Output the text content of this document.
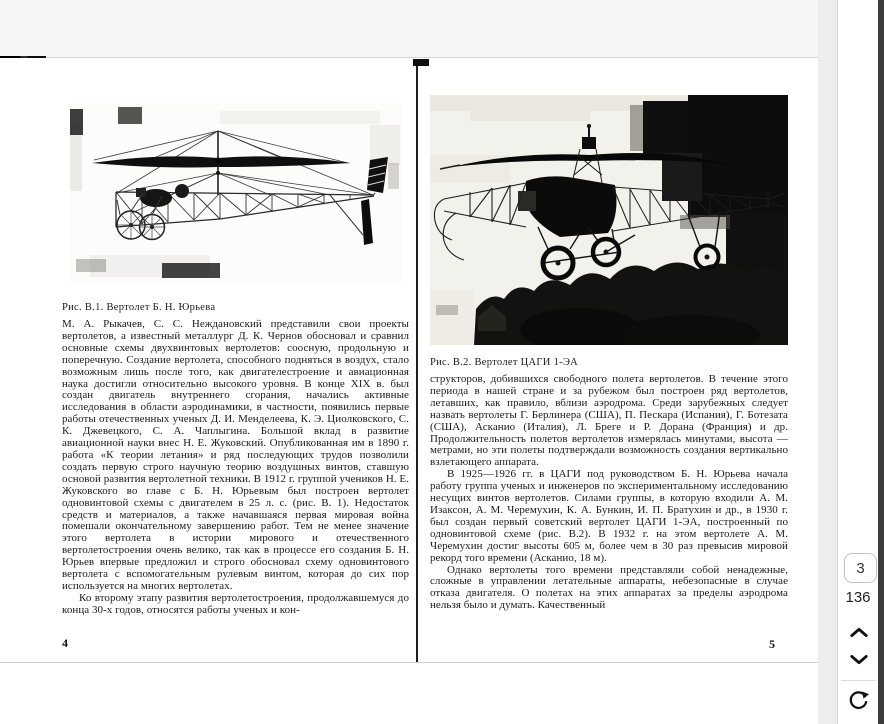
Рис. В.1. Вертолет Б. Н. Юрьева

М. А. Рыкачев, С. С. Неждановский представили свои проекты вертолетов, а известный металлург Д. К. Чернов обосновал и сравнил основные схемы двухвинтовых вертолетов: соосную, продольную и поперечную. Создание вертолета, способного подняться в воздух, стало возможным лишь после того, как двигателестроение и авиационная наука достигли относительно высокого уровня. В конце XIX в. был создан двигатель внутреннего сгорания, начались активные исследования в области аэродинамики, в частности, появились первые работы отечественных ученых Д. И. Менделеева, К. Э. Циолковского, С. К. Джевецкого, С. А. Чаплыгина. Большой вклад в развитие авиационной науки внес Н. Е. Жуковский. Опубликованная им в 1890 г. работа «К теории летания» и ряд последующих трудов позволили создать первую строго научную теорию воздушных винтов, ставшую основой развития вертолетной техники. В 1912 г. группой учеников Н. Е. Жуковского во главе с Б. Н. Юрьевым был построен вертолет одновинтовой схемы с двигателем в 25 л. с. (рис. В. 1). Недостаток средств и материалов, а также начавшаяся первая мировая война помешали окончательному завершению работ. Тем не менее значение этого вертолета в истории мирового и отечественного вертолетостроения очень велико, так как в процессе его создания Б. Н. Юрьев впервые предложил и строго обосновал схему одновинтового вертолета с вспомогательным рулевым винтом, которая до сих пор используется на многих вертолетах.

Ко второму этапу развития вертолетостроения, продолжавшемуся до конца 30-х годов, относятся работы ученых и кон-

4
Рис. В.2. Вертолет ЦАГИ 1-ЭА

структоров, добившихся свободного полета вертолетов. В течение этого периода в нашей стране и за рубежом был построен ряд вертолетов, летавших, как правило, вблизи аэродрома. Среди зарубежных следует назвать вертолеты Г. Берлинера (США), П. Пескара (Испания), Г. Ботезата (США), Асканио (Италия), Л. Бреге и Р. Дорана (Франция) и др. Продолжительность полетов вертолетов измерялась минутами, высота — метрами, но эти полеты подтверждали возможность создания вертикально взлетающего аппарата.

В 1925—1926 гг. в ЦАГИ под руководством Б. Н. Юрьева начала работу группа ученых и инженеров по экспериментальному исследованию несущих винтов вертолетов. Силами группы, в которую входили А. М. Изаксон, А. М. Черемухин, К. А. Бункин, И. П. Братухин и др., в 1930 г. был создан первый советский вертолет ЦАГИ 1-ЭА, построенный по одновинтовой схеме (рис. В.2). В 1932 г. на этом вертолете А. М. Черемухин достиг высоты 605 м, более чем в 30 раз превысив мировой рекорд того времени (Асканио, 18 м).

Однако вертолеты того времени представляли собой ненадежные, сложные в управлении летательные аппараты, небезопасные в случае отказа двигателя. О полетах на этих аппаратах за пределы аэродрома нельзя было и думать. Качественный

5
3
136
